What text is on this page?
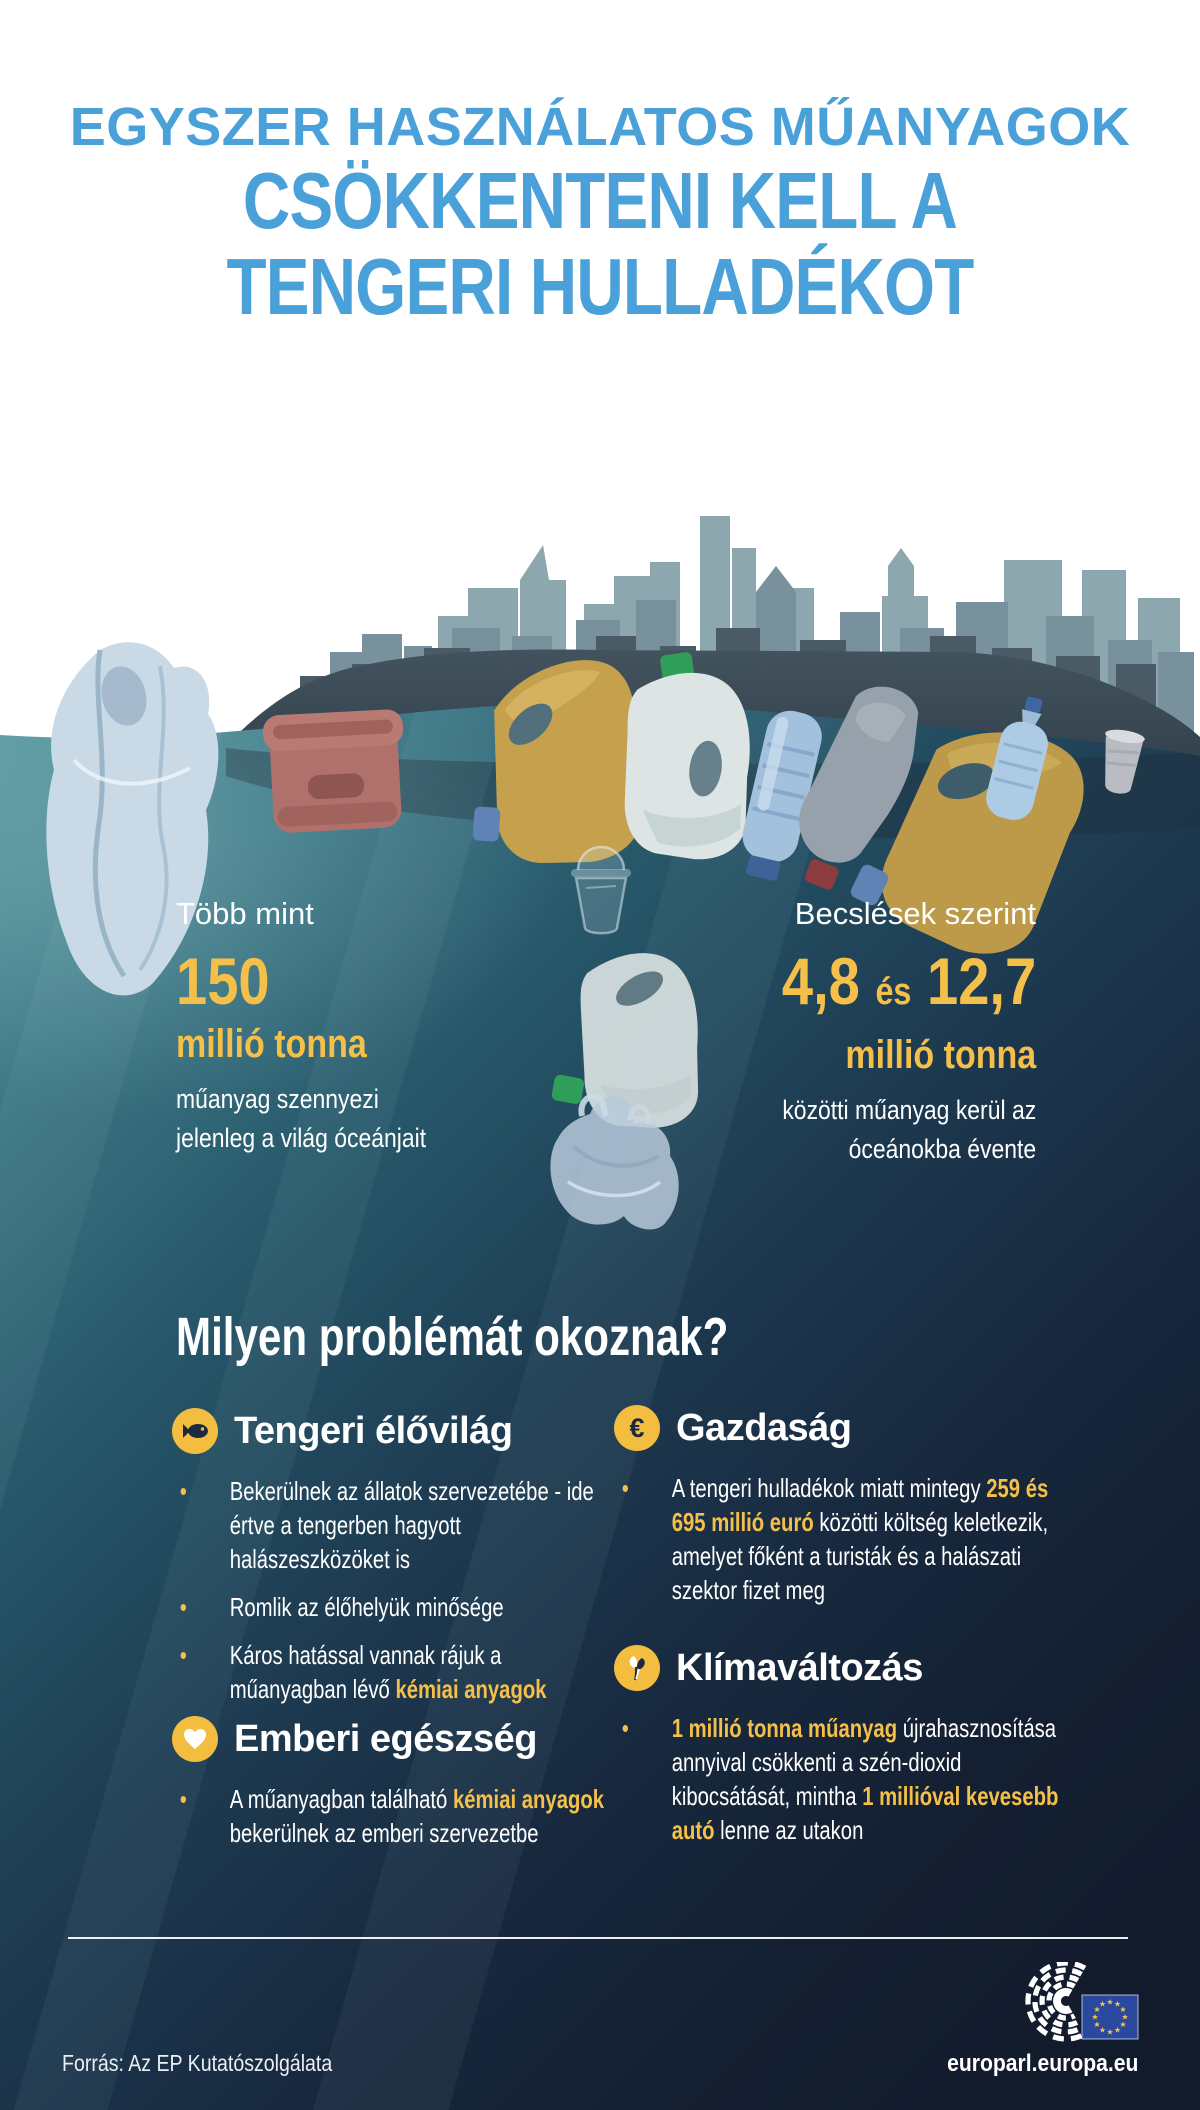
EGYSZER HASZNÁLATOS MŰANYAGOK
CSÖKKENTENI KELL A
TENGERI HULLADÉKOT
Több mint
150
millió tonna
műanyag szennyezi
jelenleg a világ óceánjait
Becslések szerint
4,8 és 12,7
millió tonna
közötti műanyag kerül az
óceánokba évente
Milyen problémát okoznak?
Tengeri élővilág
• Bekerülnek az állatok szervezetébe - ide
értve a tengerben hagyott
halászeszközöket is
• Romlik az élőhelyük minősége
• Káros hatással vannak rájuk a
műanyagban lévő kémiai anyagok
Emberi egészség
• A műanyagban található kémiai anyagok
bekerülnek az emberi szervezetbe
€ Gazdaság
• A tengeri hulladékok miatt mintegy 259 és
695 millió euró közötti költség keletkezik,
amelyet főként a turisták és a halászati
szektor fizet meg
Klímaváltozás
• 1 millió tonna műanyag újrahasznosítása
annyival csökkenti a szén-dioxid
kibocsátását, mintha 1 millióval kevesebb
autó lenne az utakon
Forrás: Az EP Kutatószolgálata	europarl.europa.eu
